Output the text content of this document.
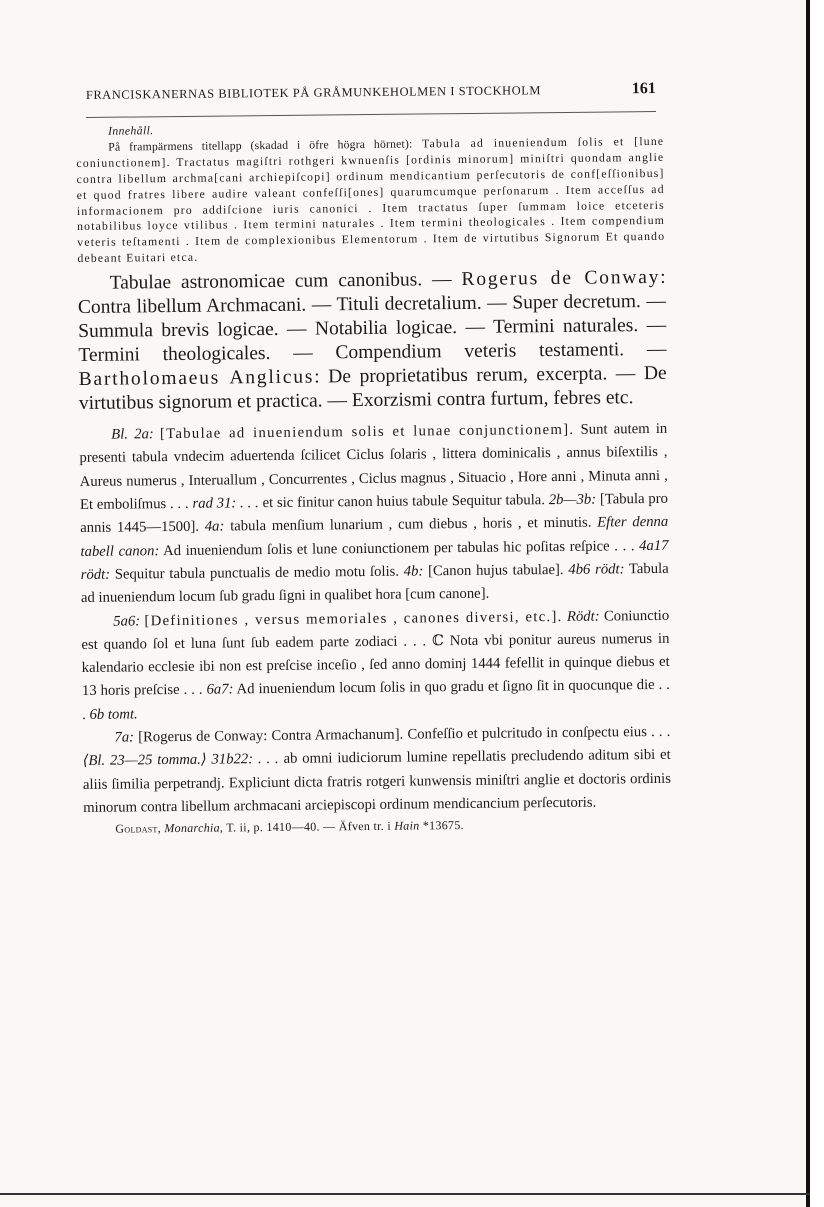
FRANCISKANERNAS BIBLIOTEK PÅ GRÅMUNKEHOLMEN I STOCKHOLM	161

Innehåll.
På frampärmens titellapp (skadad i öfre högra hörnet): Tabula ad inueniendum ſolis et [lune coniunctionem]. Tractatus magiſtri rothgeri kwnuenſis [ordinis minorum] miniſtri quondam anglie contra libellum archma[cani archiepiſcopi] ordinum mendicantium perſecutoris de conf[eſſionibus] et quod fratres libere audire valeant confeſſi[ones] quarumcumque perſonarum . Item acceſſus ad informacionem pro addiſcione iuris canonici . Item tractatus ſuper ſummam loice etceteris notabilibus loyce vtilibus . Item termini naturales . Item termini theologicales . Item compendium veteris teſtamenti . Item de complexionibus Elementorum . Item de virtutibus Signorum Et quando debeant Euitari etca.

Tabulae astronomicae cum canonibus. — Rogerus de Conway: Contra libellum Archmacani. — Tituli decretalium. — Super decretum. — Summula brevis logicae. — Notabilia logicae. — Termini naturales. — Termini theologicales. — Compendium veteris testamenti. — Bartholomaeus Anglicus: De proprietatibus rerum, excerpta. — De virtutibus signorum et practica. — Exorzismi contra furtum, febres etc.

Bl. 2a: [Tabulae ad inueniendum solis et lunae conjunctionem]. Sunt autem in presenti tabula vndecim aduertenda ſcilicet Ciclus ſolaris , littera dominicalis , annus biſextilis , Aureus numerus , Interuallum , Concurrentes , Ciclus magnus , Situacio , Hore anni , Minuta anni , Et emboliſmus . . . rad 31: . . . et sic finitur canon huius tabule Sequitur tabula. 2b—3b: [Tabula pro annis 1445—1500]. 4a: tabula menſium lunarium , cum diebus , horis , et minutis. Efter denna tabell canon: Ad inueniendum ſolis et lune coniunctionem per tabulas hic poſitas reſpice . . . 4a17 rödt: Sequitur tabula punctualis de medio motu ſolis. 4b: [Canon hujus tabulae]. 4b6 rödt: Tabula ad inueniendum locum ſub gradu ſigni in qualibet hora [cum canone].

5a6: [Definitiones , versus memoriales , canones diversi, etc.]. Rödt: Coniunctio est quando ſol et luna ſunt ſub eadem parte zodiaci . . . ℂ Nota vbi ponitur aureus numerus in kalendario ecclesie ibi non est preſcise inceſio , ſed anno dominj 1444 fefellit in quinque diebus et 13 horis preſcise . . . 6a7: Ad inueniendum locum ſolis in quo gradu et ſigno ſit in quocunque die . . . 6b tomt.

7a: [Rogerus de Conway: Contra Armachanum]. Confeſſio et pulcritudo in conſpectu eius . . . ⟨Bl. 23—25 tomma.⟩ 31b22: . . . ab omni iudiciorum lumine repellatis precludendo aditum sibi et aliis ſimilia perpetrandj. Expliciunt dicta fratris rotgeri kunwensis miniſtri anglie et doctoris ordinis minorum contra libellum archmacani arciepiscopi ordinum mendicancium perſecutoris.

Goldast, Monarchia, T. ii, p. 1410—40. — Äfven tr. i Hain *13675.
